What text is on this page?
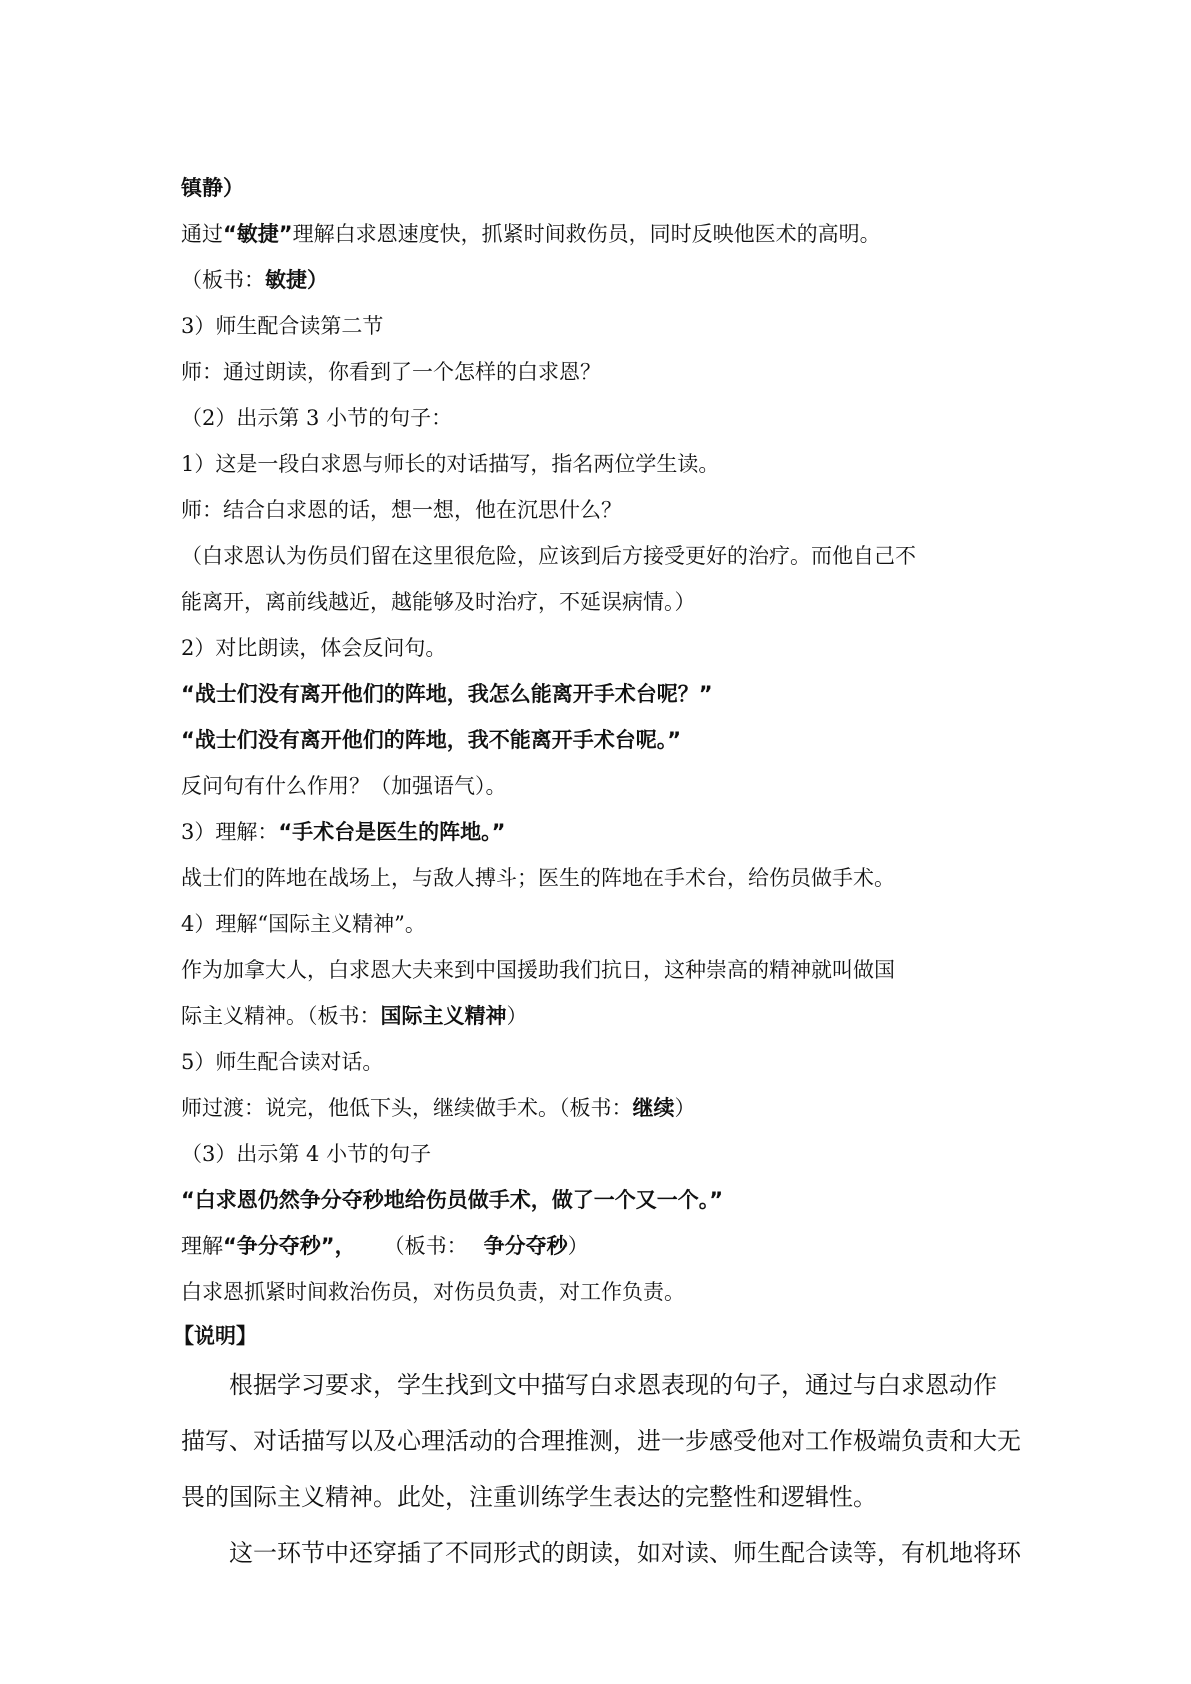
镇静）

通过“敏捷”理解白求恩速度快，抓紧时间救伤员，同时反映他医术的高明。

（板书：敏捷）

3）师生配合读第二节

师：通过朗读，你看到了一个怎样的白求恩？

（2）出示第 3 小节的句子：

1）这是一段白求恩与师长的对话描写，指名两位学生读。

师：结合白求恩的话，想一想，他在沉思什么？

（白求恩认为伤员们留在这里很危险，应该到后方接受更好的治疗。而他自己不

能离开，离前线越近，越能够及时治疗，不延误病情。）

2）对比朗读，体会反问句。

“战士们没有离开他们的阵地，我怎么能离开手术台呢？”

“战士们没有离开他们的阵地，我不能离开手术台呢。”

反问句有什么作用？（加强语气）。

3）理解：“手术台是医生的阵地。”

战士们的阵地在战场上，与敌人搏斗；医生的阵地在手术台，给伤员做手术。

4）理解“国际主义精神”。

作为加拿大人，白求恩大夫来到中国援助我们抗日，这种崇高的精神就叫做国

际主义精神。（板书：国际主义精神）

5）师生配合读对话。

师过渡：说完，他低下头，继续做手术。（板书：继续）

（3）出示第 4 小节的句子

“白求恩仍然争分夺秒地给伤员做手术，做了一个又一个。”

理解“争分夺秒”， （板书： 争分夺秒）

白求恩抓紧时间救治伤员，对伤员负责，对工作负责。

【说明】

根据学习要求，学生找到文中描写白求恩表现的句子，通过与白求恩动作

描写、对话描写以及心理活动的合理推测，进一步感受他对工作极端负责和大无

畏的国际主义精神。此处，注重训练学生表达的完整性和逻辑性。

这一环节中还穿插了不同形式的朗读，如对读、师生配合读等，有机地将环
